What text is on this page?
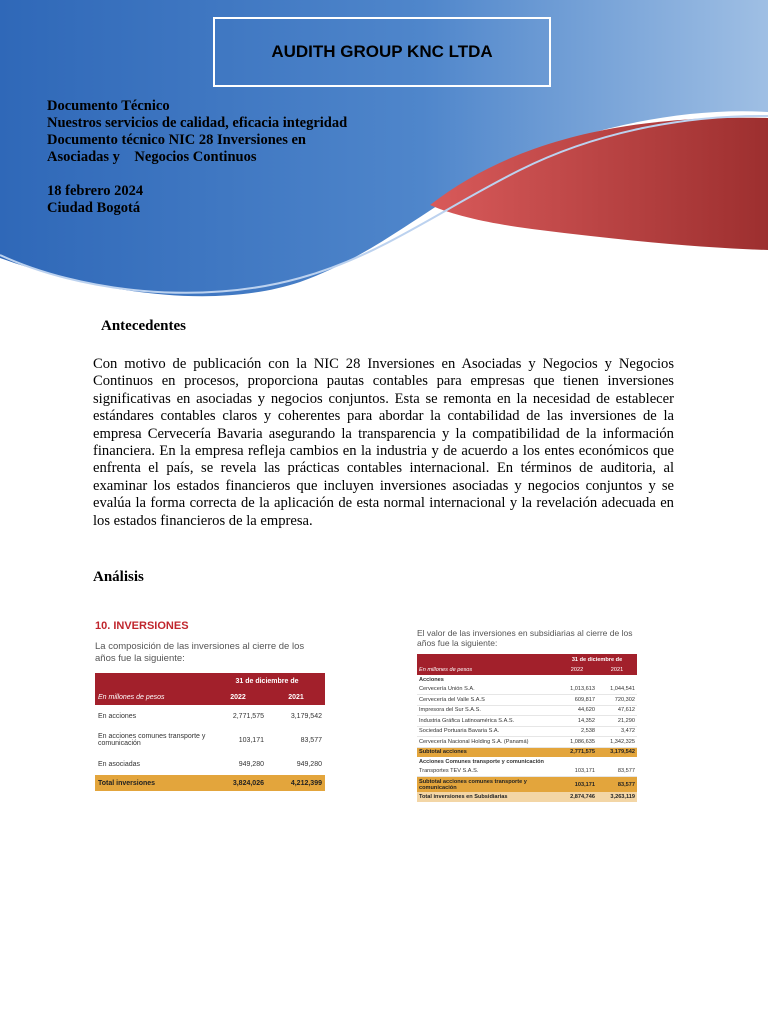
AUDITH GROUP KNC LTDA
Documento Técnico
Nuestros servicios de calidad, eficacia integridad
Documento técnico NIC 28 Inversiones en
Asociadas y    Negocios Continuos
18 febrero 2024
Ciudad Bogotá
Antecedentes
Con motivo de publicación con la NIC 28 Inversiones en Asociadas y Negocios y Negocios Continuos en procesos, proporciona pautas contables para empresas que tienen inversiones significativas en asociadas y negocios conjuntos. Esta se remonta en la necesidad de establecer estándares contables claros y coherentes para abordar la contabilidad de las inversiones de la empresa Cervecería Bavaria asegurando la transparencia y la compatibilidad de la información financiera. En la empresa refleja cambios en la industria y de acuerdo a los entes económicos que enfrenta el país, se revela las prácticas contables internacional. En términos de auditoria, al examinar los estados financieros que incluyen inversiones asociadas y negocios conjuntos y se evalúa la forma correcta de la aplicación de esta normal internacional y la revelación adecuada en los estados financieros de la empresa.
Análisis
10. INVERSIONES
La composición de las inversiones al cierre de los años fue la siguiente:
	31 de diciembre de	
En millones de pesos	2022	2021
En acciones	2,771,575	3,179,542
En acciones comunes transporte y comunicación	103,171	83,577
En asociadas	949,280	949,280
Total inversiones	3,824,026	4,212,399
El valor de las inversiones en subsidiarias al cierre de los años fue la siguiente:
	31 de diciembre de	
En millones de pesos	2022	2021
Acciones		
Cervecería Unión S.A.	1,013,613	1,044,541
Cervecería del Valle S.A.S	609,817	720,302
Impresora del Sur S.A.S.	44,620	47,612
Industria Gráfica Latinoamérica S.A.S.	14,352	21,290
Sociedad Portuaria Bavaria S.A.	2,538	3,472
Cervecería Nacional Holding S.A. (Panamá)	1,086,635	1,342,325
Subtotal acciones	2,771,575	3,179,542
Acciones Comunes transporte y comunicación		
Transportes TEV S.A.S.	103,171	83,577
Subtotal acciones comunes transporte y comunicación	103,171	83,577
Total inversiones en Subsidiarias	2,874,746	3,263,119
